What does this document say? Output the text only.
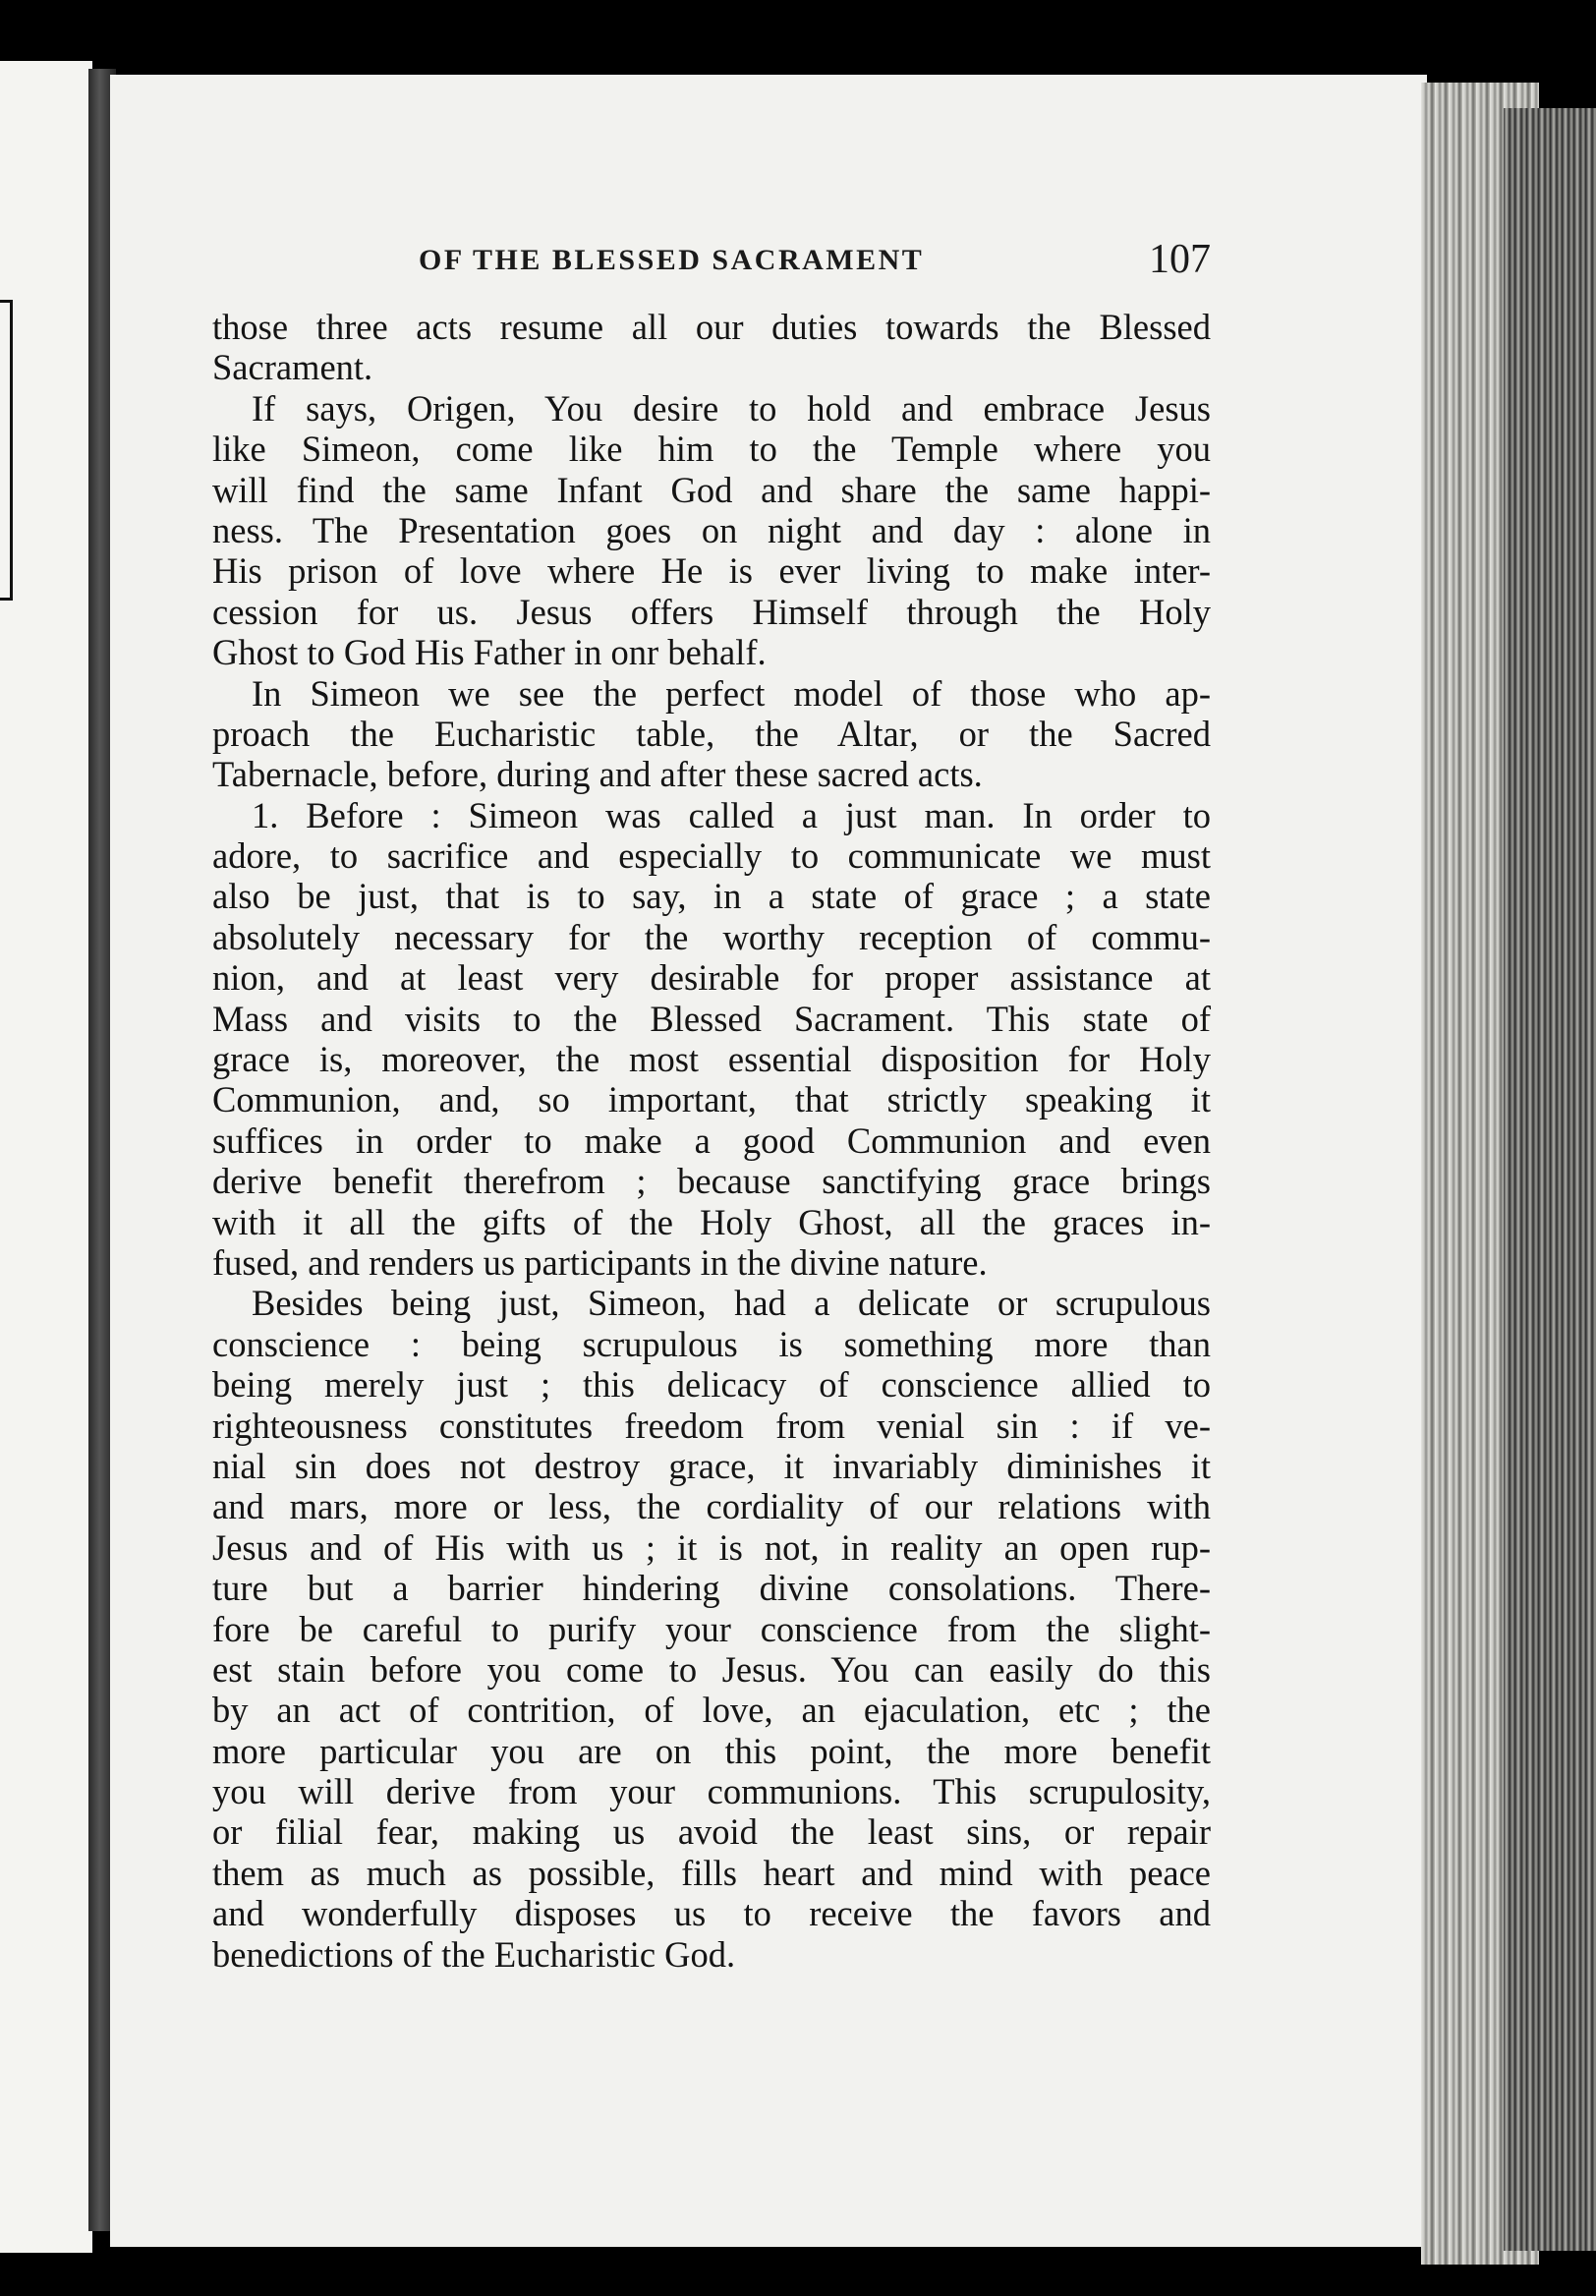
OF THE BLESSED SACRAMENT	107
those three acts resume all our duties towards the Blessed
Sacrament.
If says, Origen, You desire to hold and embrace Jesus
like Simeon, come like him to the Temple where you
will find the same Infant God and share the same happi-
ness. The Presentation goes on night and day : alone in
His prison of love where He is ever living to make inter-
cession for us. Jesus offers Himself through the Holy
Ghost to God His Father in onr behalf.
In Simeon we see the perfect model of those who ap-
proach the Eucharistic table, the Altar, or the Sacred
Tabernacle, before, during and after these sacred acts.
1. Before : Simeon was called a just man. In order to
adore, to sacrifice and especially to communicate we must
also be just, that is to say, in a state of grace ; a state
absolutely necessary for the worthy reception of commu-
nion, and at least very desirable for proper assistance at
Mass and visits to the Blessed Sacrament. This state of
grace is, moreover, the most essential disposition for Holy
Communion, and, so important, that strictly speaking it
suffices in order to make a good Communion and even
derive benefit therefrom ; because sanctifying grace brings
with it all the gifts of the Holy Ghost, all the graces in-
fused, and renders us participants in the divine nature.
Besides being just, Simeon, had a delicate or scrupulous
conscience : being scrupulous is something more than
being merely just ; this delicacy of conscience allied to
righteousness constitutes freedom from venial sin : if ve-
nial sin does not destroy grace, it invariably diminishes it
and mars, more or less, the cordiality of our relations with
Jesus and of His with us ; it is not, in reality an open rup-
ture but a barrier hindering divine consolations. There-
fore be careful to purify your conscience from the slight-
est stain before you come to Jesus. You can easily do this
by an act of contrition, of love, an ejaculation, etc ; the
more particular you are on this point, the more benefit
you will derive from your communions. This scrupulosity,
or filial fear, making us avoid the least sins, or repair
them as much as possible, fills heart and mind with peace
and wonderfully disposes us to receive the favors and
benedictions of the Eucharistic God.
